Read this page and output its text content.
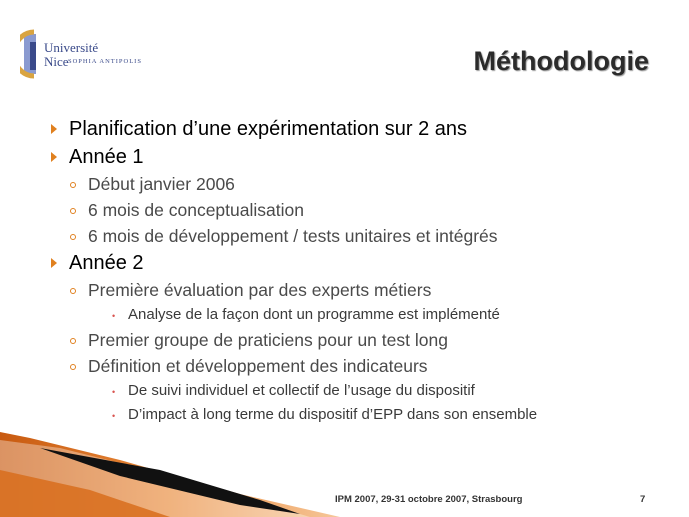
Université
Nice SOPHIA ANTIPOLIS	Méthodologie
Planification d’une expérimentation sur 2 ans
Année 1
Début janvier 2006
6 mois de conceptualisation
6 mois de développement / tests unitaires et intégrés
Année 2
Première évaluation par des experts métiers
• Analyse de la façon dont un programme est implémenté
Premier groupe de praticiens pour un test long
Définition et développement des indicateurs
• De suivi individuel et collectif de l’usage du dispositif
• D’impact à long terme du dispositif d’EPP dans son ensemble
IPM 2007, 29-31 octobre 2007, Strasbourg	7
